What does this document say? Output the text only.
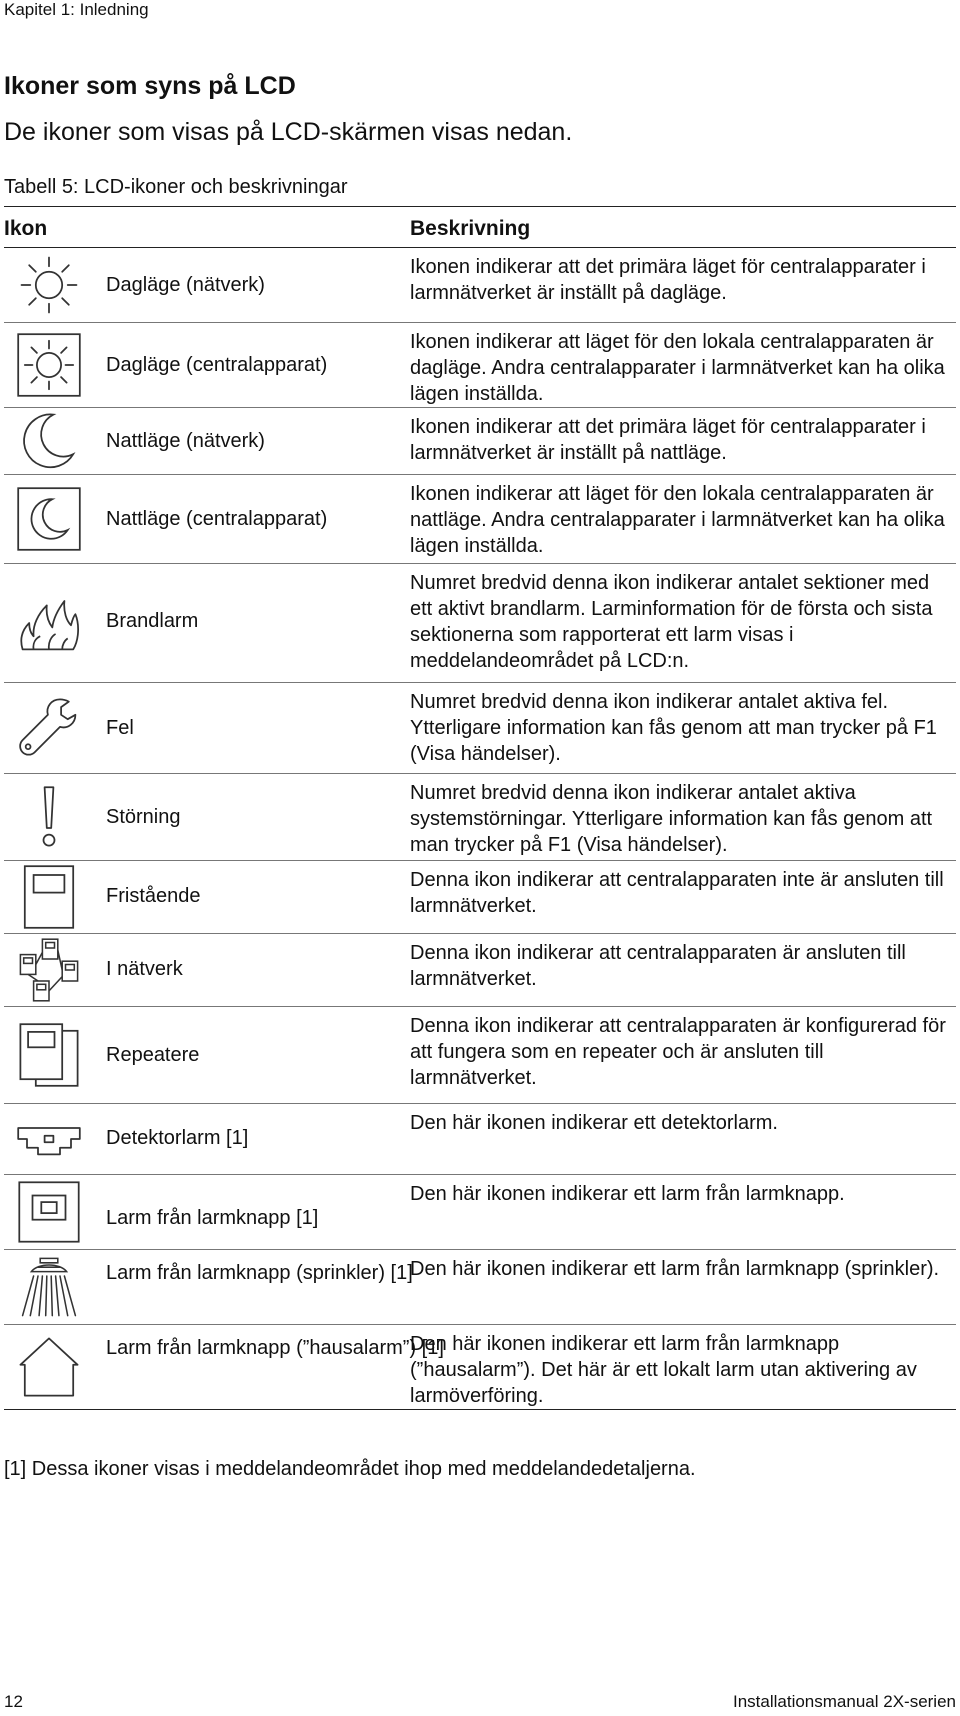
Kapitel 1: Inledning
Ikoner som syns på LCD
De ikoner som visas på LCD-skärmen visas nedan.
Tabell 5: LCD-ikoner och beskrivningar
Ikon	Beskrivning
Dagläge (nätverk)
Ikonen indikerar att det primära läget för centralapparater i larmnätverket är inställt på dagläge.
Dagläge (centralapparat)
Ikonen indikerar att läget för den lokala centralapparaten är dagläge. Andra centralapparater i larmnätverket kan ha olika lägen inställda.
Nattläge (nätverk)
Ikonen indikerar att det primära läget för centralapparater i larmnätverket är inställt på nattläge.
Nattläge (centralapparat)
Ikonen indikerar att läget för den lokala centralapparaten är nattläge. Andra centralapparater i larmnätverket kan ha olika lägen inställda.
Brandlarm
Numret bredvid denna ikon indikerar antalet sektioner med ett aktivt brandlarm. Larminformation för de första och sista sektionerna som rapporterat ett larm visas i meddelandeområdet på LCD:n.
Fel
Numret bredvid denna ikon indikerar antalet aktiva fel. Ytterligare information kan fås genom att man trycker på F1 (Visa händelser).
Störning
Numret bredvid denna ikon indikerar antalet aktiva systemstörningar. Ytterligare information kan fås genom att man trycker på F1 (Visa händelser).
Fristående
Denna ikon indikerar att centralapparaten inte är ansluten till larmnätverket.
I nätverk
Denna ikon indikerar att centralapparaten är ansluten till larmnätverket.
Repeatere
Denna ikon indikerar att centralapparaten är konfigurerad för att fungera som en repeater och är ansluten till larmnätverket.
Detektorlarm [1]
Den här ikonen indikerar ett detektorlarm.
Larm från larmknapp [1]
Den här ikonen indikerar ett larm från larmknapp.
Larm från larmknapp (sprinkler) [1]
Den här ikonen indikerar ett larm från larmknapp (sprinkler).
Larm från larmknapp (”hausalarm”) [1]
Den här ikonen indikerar ett larm från larmknapp (”hausalarm”). Det här är ett lokalt larm utan aktivering av larmöverföring.
[1] Dessa ikoner visas i meddelandeområdet ihop med meddelandedetaljerna.
12	Installationsmanual 2X-serien
